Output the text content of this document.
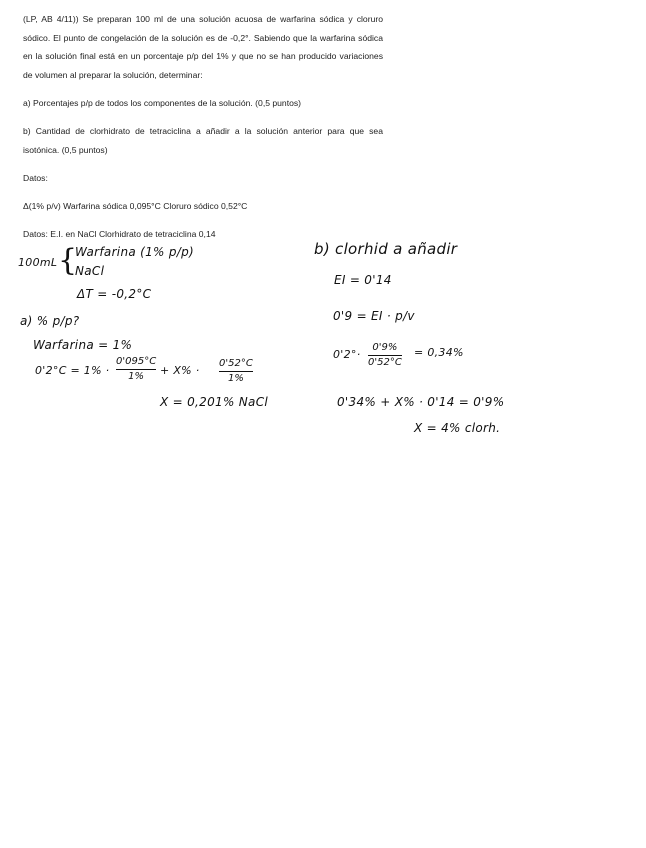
(LP, AB 4/11)) Se preparan 100 ml de una solución acuosa de warfarina sódica y cloruro sódico. El punto de congelación de la solución es de -0,2°. Sabiendo que la warfarina sódica en la solución final está en un porcentaje p/p del 1% y que no se han producido variaciones de volumen al preparar la solución, determinar:

a) Porcentajes p/p de todos los componentes de la solución. (0,5 puntos)

b) Cantidad de clorhidrato de tetraciclina a añadir a la solución anterior para que sea isotónica. (0,5 puntos)

Datos:

Δ(1% p/v) Warfarina sódica 0,095°C Cloruro sódico 0,52°C

Datos: E.I. en NaCl Clorhidrato de tetraciclina 0,14

100mL {
Warfarina (1% p/p)
NaCl
ΔT = -0,2°C
a) % p/p?
Warfarina = 1%
0'2°C = 1% ·
0'095°C
1%	+ X% ·
0'52°C
1%
X = 0,201% NaCl
b) clorhid a añadir
EI = 0'14
0'9 = EI · p/v
0'2°·
0'9%
0'52°C
= 0,34%
0'34% + X% · 0'14 = 0'9%
X = 4% clorh.
